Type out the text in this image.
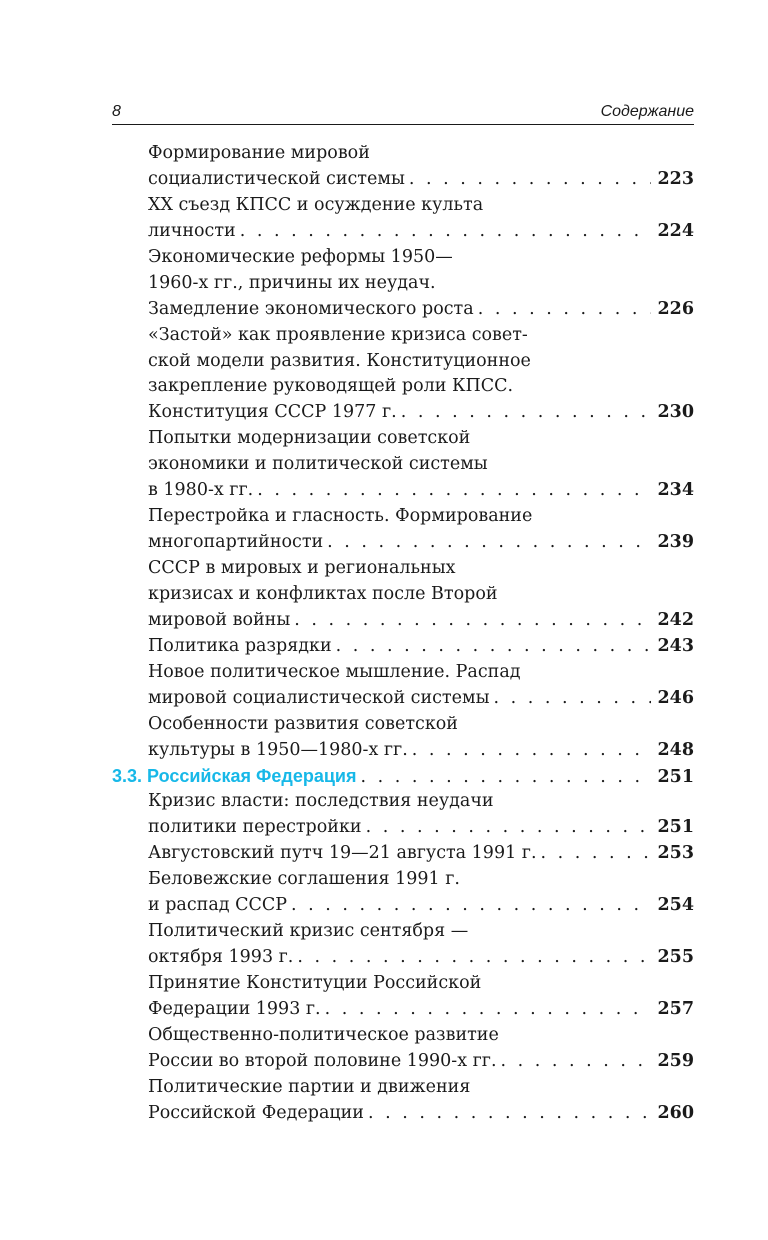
8	Содержание
Формирование мировой
социалистической системы . . .	223
XX съезд КПСС и осуждение культа
личности . . .	224
Экономические реформы 1950—
1960-х гг., причины их неудач.
Замедление экономического роста . . .	226
«Застой» как проявление кризиса совет-
ской модели развития. Конституционное
закрепление руководящей роли КПСС.
Конституция СССР 1977 г. . . .	230
Попытки модернизации советской
экономики и политической системы
в 1980-х гг. . . .	234
Перестройка и гласность. Формирование
многопартийности . . .	239
СССР в мировых и региональных
кризисах и конфликтах после Второй
мировой войны . . .	242
Политика разрядки . . .	243
Новое политическое мышление. Распад
мировой социалистической системы . . .	246
Особенности развития советской
культуры в 1950—1980-х гг. . . .	248
3.3. Российская Федерация . . .	251
Кризис власти: последствия неудачи
политики перестройки . . .	251
Августовский путч 19—21 августа 1991 г. . . .	253
Беловежские соглашения 1991 г.
и распад СССР . . .	254
Политический кризис сентября —
октября 1993 г. . . .	255
Принятие Конституции Российской
Федерации 1993 г. . . .	257
Общественно-политическое развитие
России во второй половине 1990-х гг. . . .	259
Политические партии и движения
Российской Федерации . . .	260
